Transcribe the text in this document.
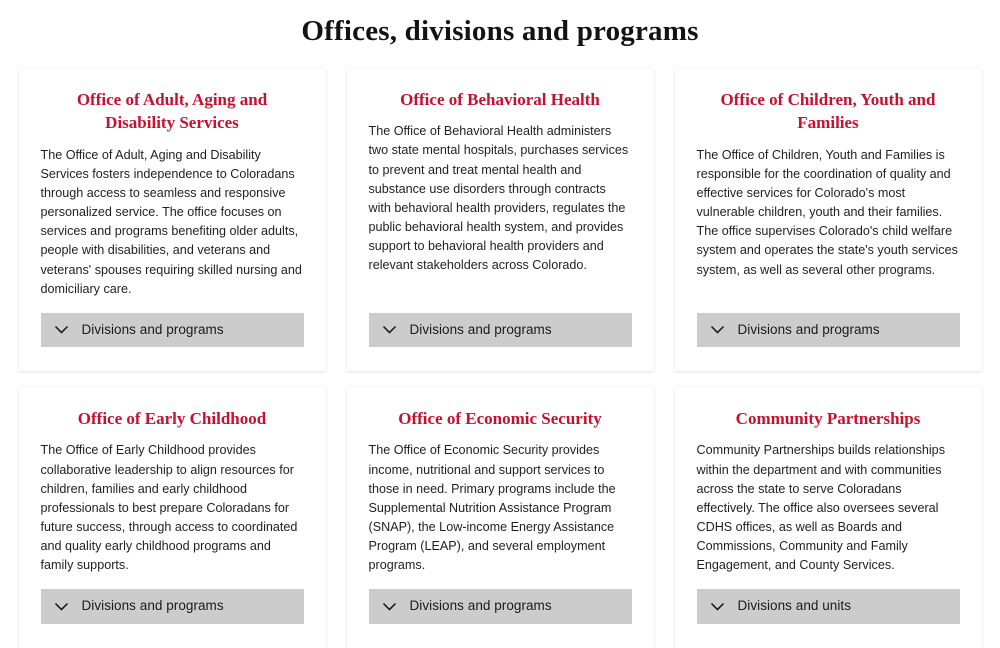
Offices, divisions and programs
Office of Adult, Aging and Disability Services

The Office of Adult, Aging and Disability Services fosters independence to Coloradans through access to seamless and responsive personalized service. The office focuses on services and programs benefiting older adults, people with disabilities, and veterans and veterans' spouses requiring skilled nursing and domiciliary care.

Divisions and programs
Office of Behavioral Health

The Office of Behavioral Health administers two state mental hospitals, purchases services to prevent and treat mental health and substance use disorders through contracts with behavioral health providers, regulates the public behavioral health system, and provides support to behavioral health providers and relevant stakeholders across Colorado.

Divisions and programs
Office of Children, Youth and Families

The Office of Children, Youth and Families is responsible for the coordination of quality and effective services for Colorado's most vulnerable children, youth and their families. The office supervises Colorado's child welfare system and operates the state's youth services system, as well as several other programs.

Divisions and programs
Office of Early Childhood

The Office of Early Childhood provides collaborative leadership to align resources for children, families and early childhood professionals to best prepare Coloradans for future success, through access to coordinated and quality early childhood programs and family supports.

Divisions and programs
Office of Economic Security

The Office of Economic Security provides income, nutritional and support services to those in need. Primary programs include the Supplemental Nutrition Assistance Program (SNAP), the Low-income Energy Assistance Program (LEAP), and several employment programs.

Divisions and programs
Community Partnerships

Community Partnerships builds relationships within the department and with communities across the state to serve Coloradans effectively. The office also oversees several CDHS offices, as well as Boards and Commissions, Community and Family Engagement, and County Services.

Divisions and units
